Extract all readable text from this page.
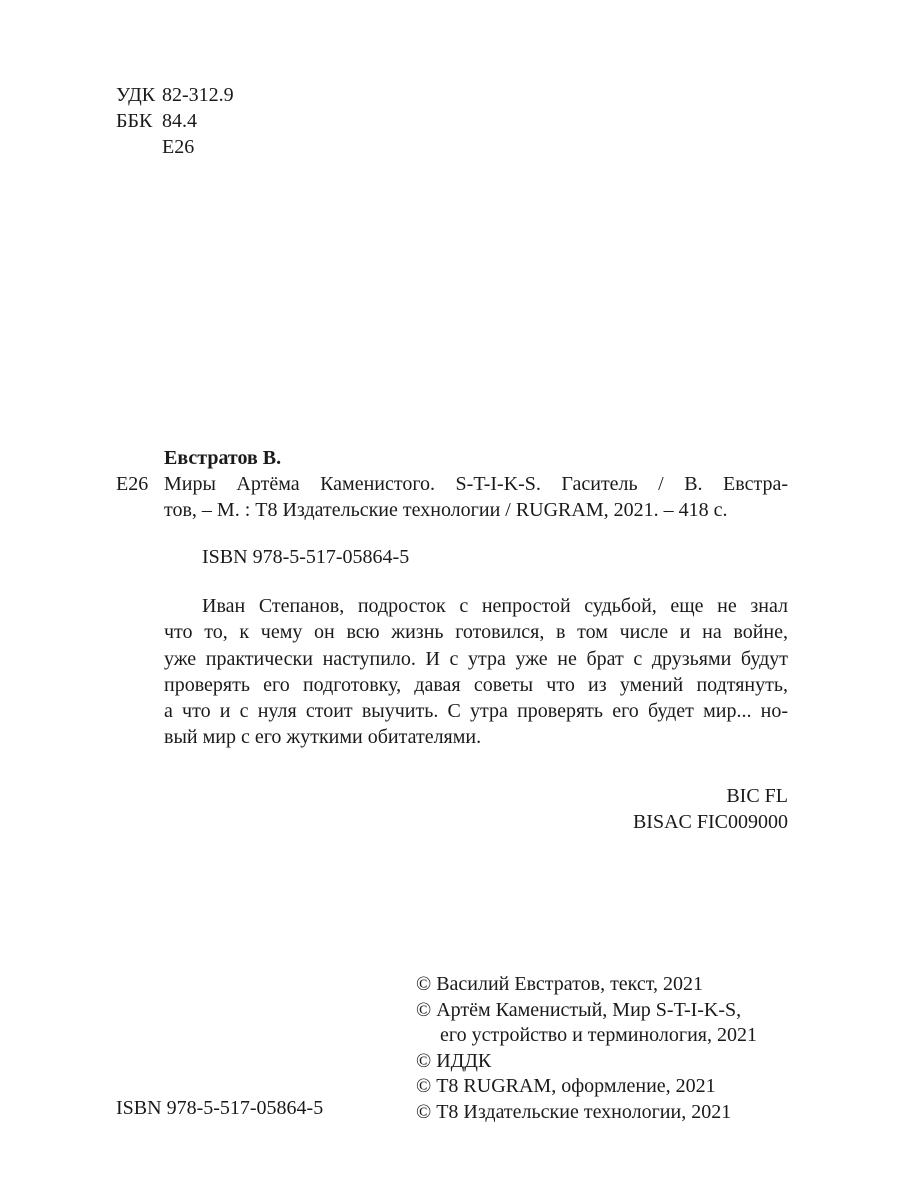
УДК 82-312.9
ББК 84.4
Е26
Евстратов В.
Е26 Миры Артёма Каменистого. S-T-I-K-S. Гаситель / В. Евстра-
тов, – М. : Т8 Издательские технологии / RUGRAM, 2021. – 418 с.
ISBN 978-5-517-05864-5
Иван Степанов, подросток с непростой судьбой, еще не знал
что то, к чему он всю жизнь готовился, в том числе и на войне,
уже практически наступило. И с утра уже не брат с друзьями будут
проверять его подготовку, давая советы что из умений подтянуть,
а что и с нуля стоит выучить. С утра проверять его будет мир... но-
вый мир с его жуткими обитателями.
BIC FL
BISAC FIC009000
© Василий Евстратов, текст, 2021
© Артём Каменистый, Мир S-T-I-K-S,
его устройство и терминология, 2021
© ИДДК
© Т8 RUGRAM, оформление, 2021
© Т8 Издательские технологии, 2021
ISBN 978-5-517-05864-5
